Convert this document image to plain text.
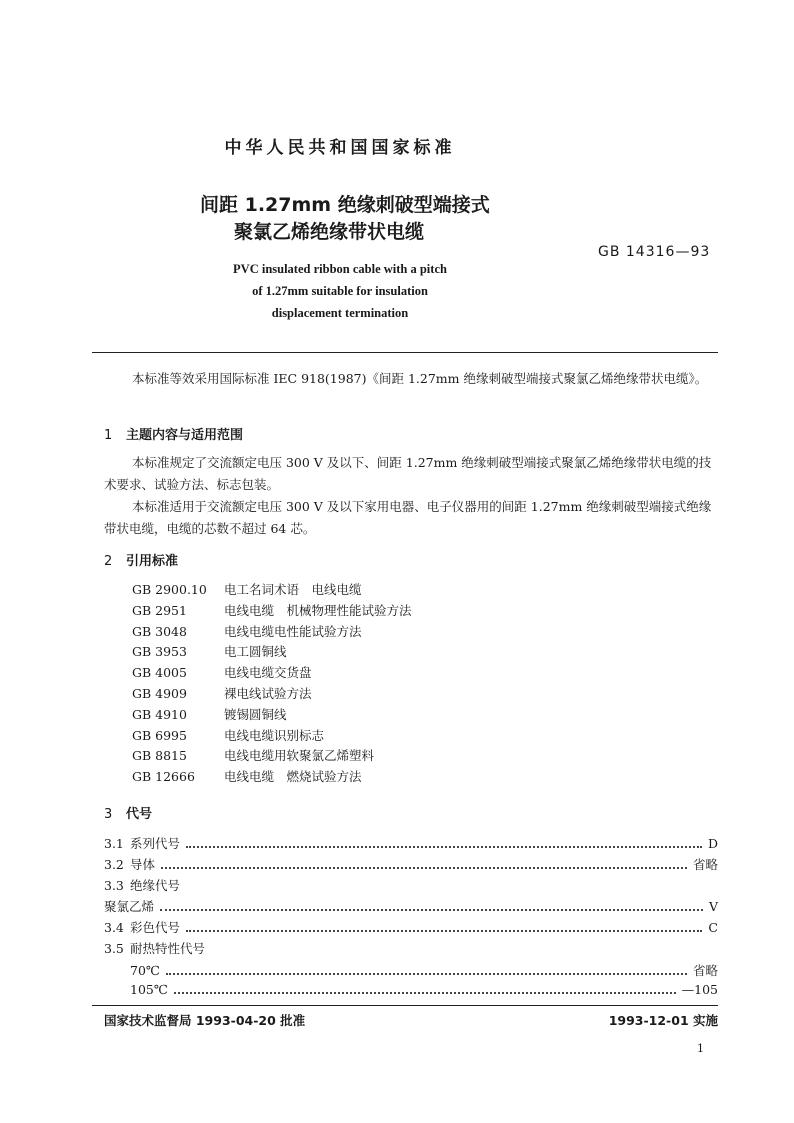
中华人民共和国国家标准
间距 1.27mm 绝缘刺破型端接式
聚氯乙烯绝缘带状电缆
GB 14316—93
PVC insulated ribbon cable with a pitch
of 1.27mm suitable for insulation
displacement termination
本标准等效采用国际标准 IEC 918(1987)《间距 1.27mm 绝缘刺破型端接式聚氯乙烯绝缘带状电缆》。
1 主题内容与适用范围
本标准规定了交流额定电压 300 V 及以下、间距 1.27mm 绝缘刺破型端接式聚氯乙烯绝缘带状电缆的技术要求、试验方法、标志包装。
本标准适用于交流额定电压 300 V 及以下家用电器、电子仪器用的间距 1.27mm 绝缘刺破型端接式绝缘带状电缆，电缆的芯数不超过 64 芯。
2 引用标准
GB 2900.10 电工名词术语　电线电缆
GB 2951	电线电缆　机械物理性能试验方法
GB 3048	电线电缆电性能试验方法
GB 3953	电工圆铜线
GB 4005	电线电缆交货盘
GB 4909	裸电线试验方法
GB 4910	镀锡圆铜线
GB 6995	电线电缆识别标志
GB 8815	电线电缆用软聚氯乙烯塑料
GB 12666 电线电缆　燃烧试验方法
3 代号
3.1 系列代号	D
3.2 导体	省略
3.3 绝缘代号
聚氯乙烯	V
3.4 彩色代号	C
3.5 耐热特性代号
70℃	省略
105℃	—105
国家技术监督局 1993-04-20 批准	1993-12-01 实施
1
